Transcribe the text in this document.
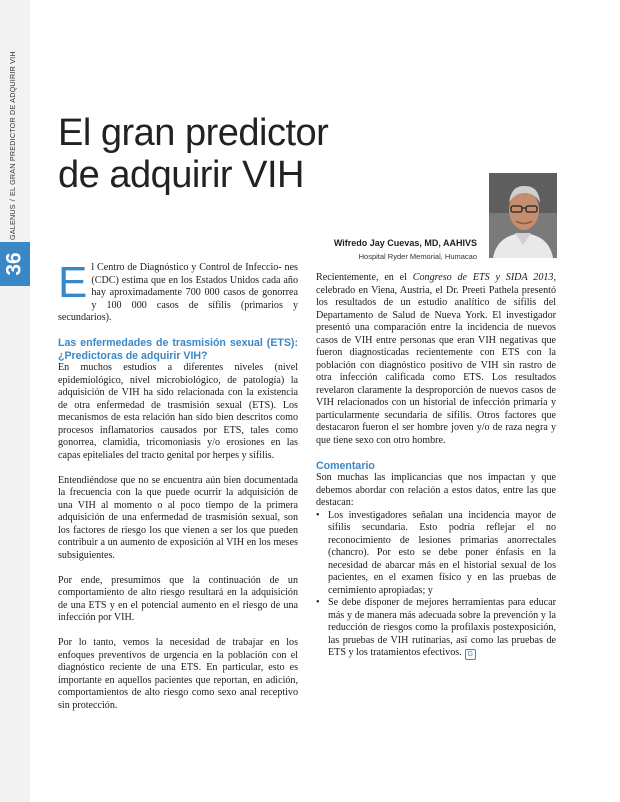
GALENUS/EL GRAN PREDICTOR DE ADQUIRIR VIH
36
El gran predictor
de adquirir VIH
Wifredo Jay Cuevas, MD, AAHIVS
Hospital Ryder Memorial, Humacao

El Centro de Diagnóstico y Control de Infeccio- nes (CDC) estima que en los Estados Unidos cada año hay aproximadamente 700 000 casos de gonorrea y 100 000 casos de sífilis (primarios y secundarios).

Las enfermedades de trasmisión sexual (ETS): ¿Predictoras de adquirir VIH?

En muchos estudios a diferentes niveles (nivel epidemiológico, nivel microbiológico, de patología) la adquisición de VIH ha sido relacionada con la existencia de otra enfermedad de trasmisión sexual (ETS). Los mecanismos de esta relación han sido bien descritos como procesos inflamatorios causados por ETS, tales como gonorrea, clamidia, tricomoniasis y/o erosiones en las capas epiteliales del tracto genital por herpes y sífilis.

Entendiéndose que no se encuentra aún bien documentada la frecuencia con la que puede ocurrir la adquisición de una VIH al momento o al poco tiempo de la primera adquisición de una enfermedad de trasmisión sexual, son los factores de riesgo los que vienen a ser los que pueden contribuir a un aumento de exposición al VIH en los meses subsiguientes.

Por ende, presumimos que la continuación de un comportamiento de alto riesgo resultará en la adquisición de una ETS y en el potencial aumento en el riesgo de una infección por VIH.

Por lo tanto, vemos la necesidad de trabajar en los enfoques preventivos de urgencia en la población con el diagnóstico reciente de una ETS. En particular, esto es importante en aquellos pacientes que reportan, en adición, comportamientos de alto riesgo como sexo anal receptivo sin protección.

Recientemente, en el Congreso de ETS y SIDA 2013, celebrado en Viena, Austria, el Dr. Preeti Pathela presentó los resultados de un estudio analítico de sífilis del Departamento de Salud de Nueva York. El investigador presentó una comparación entre la incidencia de nuevos casos de VIH entre personas que eran VIH negativas que fueron diagnosticadas recientemente con ETS con la población con diagnóstico positivo de VIH sin rastro de otra infección calificada como ETS. Los resultados revelaron claramente la desproporción de nuevos casos de VIH relacionados con un historial de infección primaria y particularmente secundaria de sífilis. Otros factores que destacaron fueron el ser hombre joven y/o de raza negra y que tiene sexo con otro hombre.

Comentario

Son muchas las implicancias que nos impactan y que debemos abordar con relación a estos datos, entre las que destacan:

• Los investigadores señalan una incidencia mayor de sífilis secundaria. Esto podría reflejar el no reconocimiento de lesiones primarias anorrectales (chancro). Por esto se debe poner énfasis en la necesidad de abarcar más en el historial sexual de los pacientes, en el examen físico y en las pruebas de cernimiento apropiadas; y
• Se debe disponer de mejores herramientas para educar más y de manera más adecuada sobre la prevención y la reducción de riesgos como la profilaxis postexposición, las pruebas de VIH rutinarias, así como las pruebas de ETS y los tratamientos efectivos. G
